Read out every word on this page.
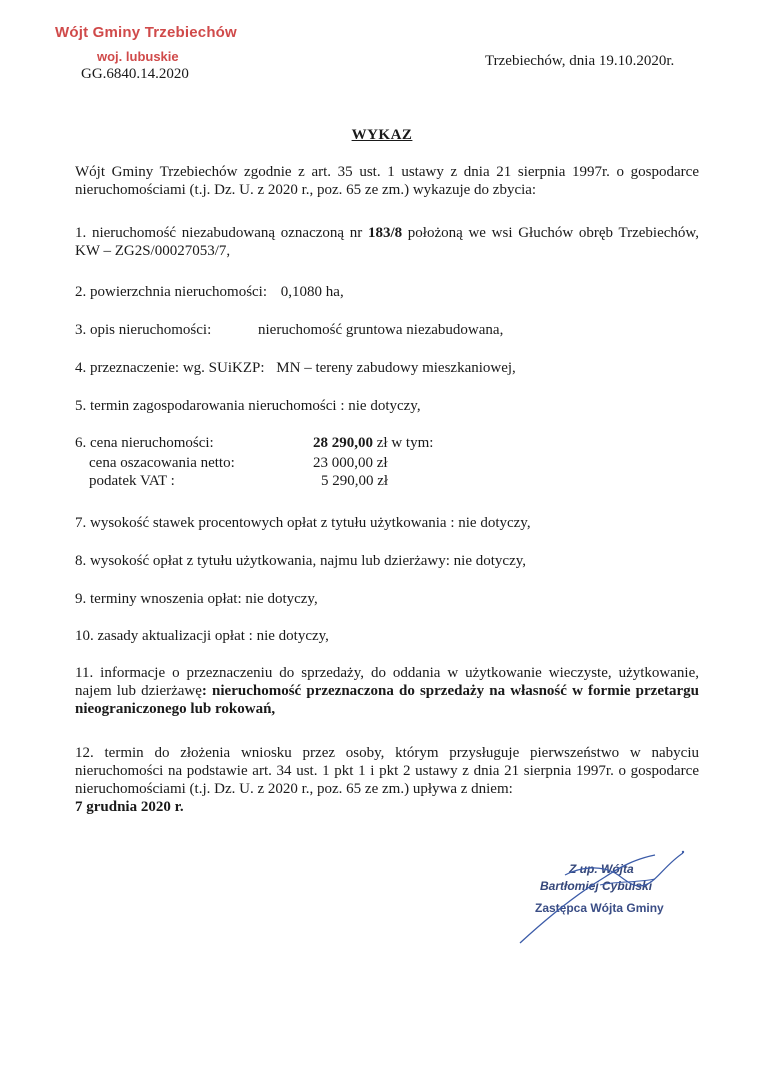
Wójt Gminy Trzebiechów
woj. lubuskie
GG.6840.14.2020
Trzebiechów, dnia 19.10.2020r.
WYKAZ
Wójt Gminy Trzebiechów zgodnie z art. 35 ust. 1 ustawy z dnia 21 sierpnia 1997r. o gospodarce nieruchomościami (t.j. Dz. U. z 2020 r., poz. 65 ze zm.) wykazuje do zbycia:
1. nieruchomość niezabudowaną oznaczoną nr 183/8 położoną we wsi Głuchów obręb Trzebiechów, KW – ZG2S/00027053/7,
2. powierzchnia nieruchomości: 0,1080 ha,
3. opis nieruchomości:	nieruchomość gruntowa niezabudowana,
4. przeznaczenie: wg. SUiKZP: MN – tereny zabudowy mieszkaniowej,
5. termin zagospodarowania nieruchomości : nie dotyczy,
6. cena nieruchomości:	28 290,00 zł w tym:
cena oszacowania netto:	23 000,00 zł
podatek VAT :	5 290,00 zł
7. wysokość stawek procentowych opłat z tytułu użytkowania : nie dotyczy,
8. wysokość opłat z tytułu użytkowania, najmu lub dzierżawy: nie dotyczy,
9. terminy wnoszenia opłat: nie dotyczy,
10. zasady aktualizacji opłat : nie dotyczy,
11. informacje o przeznaczeniu do sprzedaży, do oddania w użytkowanie wieczyste, użytkowanie, najem lub dzierżawę: nieruchomość przeznaczona do sprzedaży na własność w formie przetargu nieograniczonego lub rokowań,
12. termin do złożenia wniosku przez osoby, którym przysługuje pierwszeństwo w nabyciu nieruchomości na podstawie art. 34 ust. 1 pkt 1 i pkt 2 ustawy z dnia 21 sierpnia 1997r. o gospodarce nieruchomościami (t.j. Dz. U. z 2020 r., poz. 65 ze zm.) upływa z dniem:
7 grudnia 2020 r.
Z up. Wójta
Bartłomiej Cybulski
Zastępca Wójta Gminy
